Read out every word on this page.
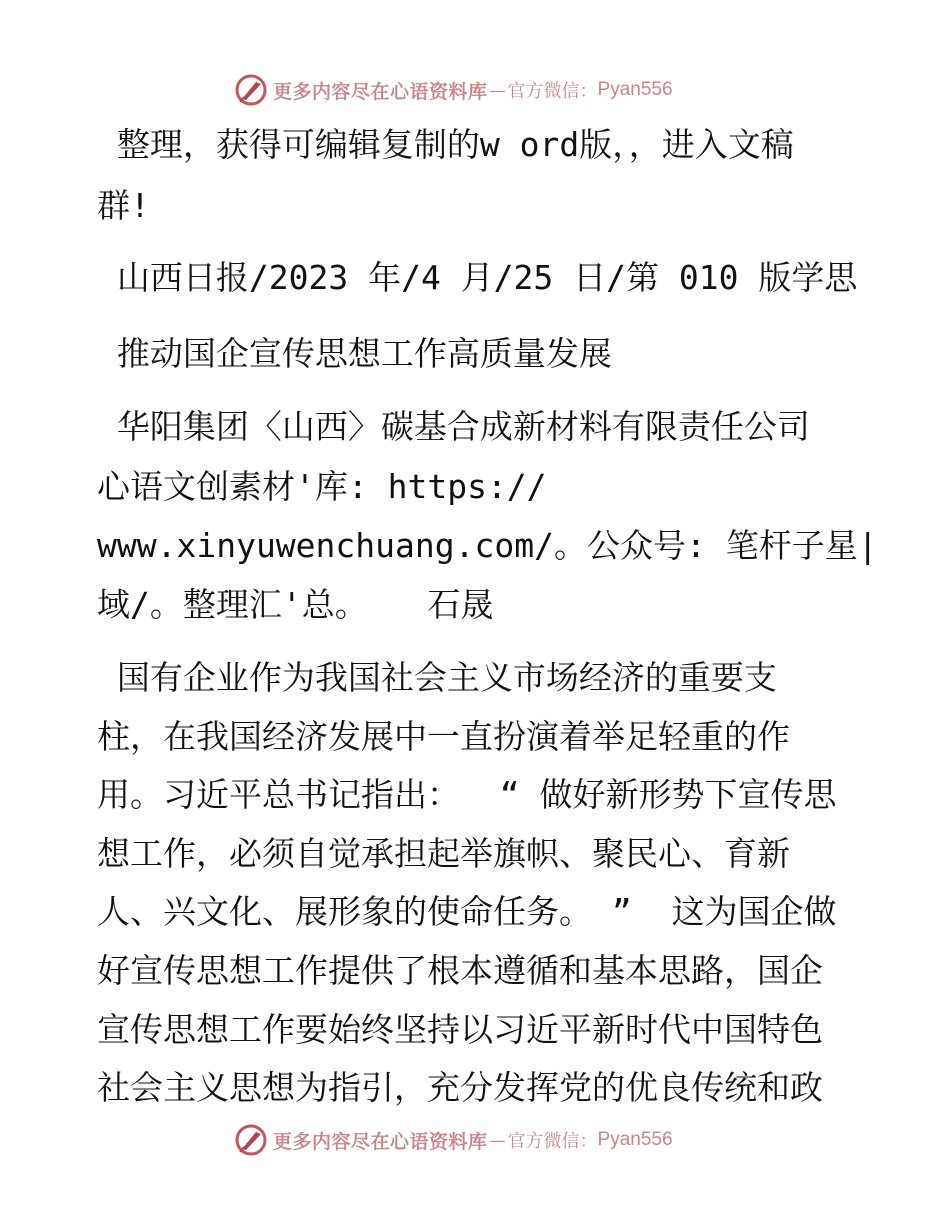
更多内容尽在心语资料库 — 官方微信： Pyan556
整理，获得可编辑复制的w ord版，，进入文稿
群!
山西日报/2023 年/4 月/25 日/第 010 版学思
推动国企宣传思想工作高质量发展
华阳集团〈山西〉碳基合成新材料有限责任公司
心语文创素材'库: https://
www.xinyuwenchuang.com/。公众号: 笔杆子星|
域/。整理汇'总。   石晟
国有企业作为我国社会主义市场经济的重要支
柱，在我国经济发展中一直扮演着举足轻重的作
用。习近平总书记指出：  “ 做好新形势下宣传思
想工作，必须自觉承担起举旗帜、聚民心、育新
人、兴文化、展形象的使命任务。 ”  这为国企做
好宣传思想工作提供了根本遵循和基本思路，国企
宣传思想工作要始终坚持以习近平新时代中国特色
社会主义思想为指引，充分发挥党的优良传统和政
更多内容尽在心语资料库 — 官方微信： Pyan556
